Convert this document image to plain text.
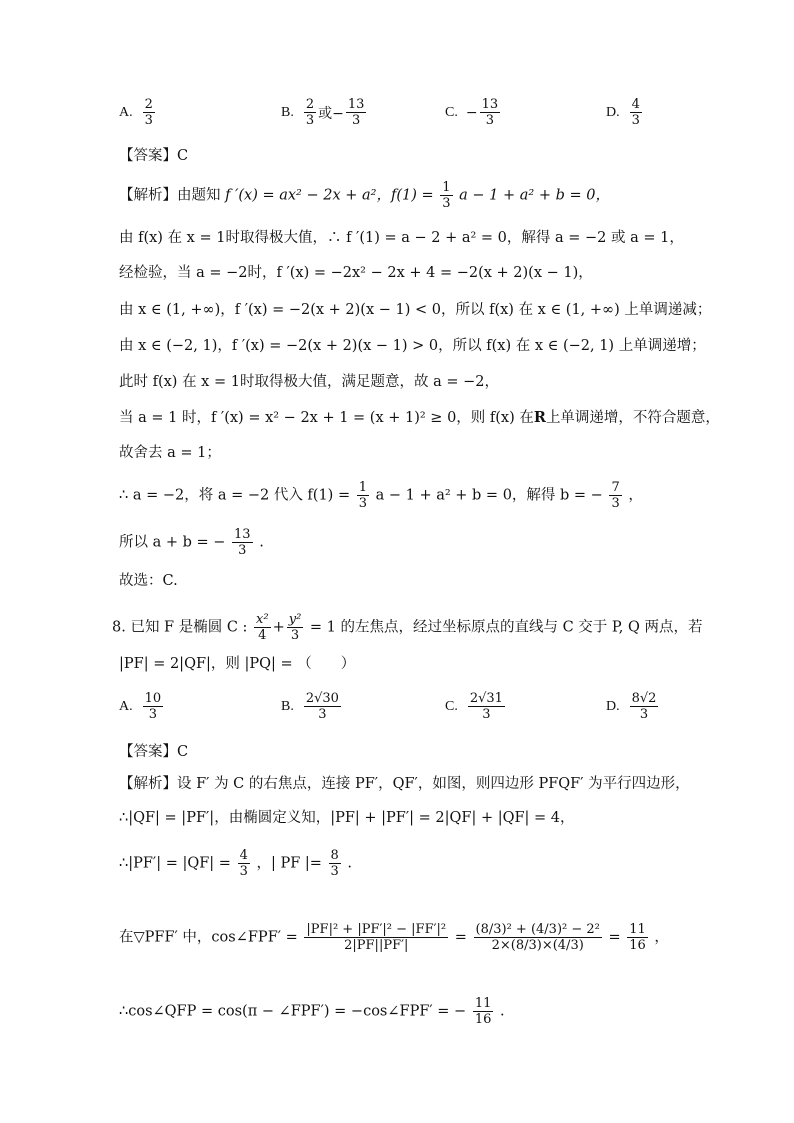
A. $\frac{2}{3}$	B. $\frac{2}{3}$ 或− $\frac{13}{3}$	C. − $\frac{13}{3}$	D. $\frac{4}{3}$
【答案】C
【解析】由题知 f ′(x) = ax² − 2x + a²，$f(1) = \frac{1}{3}$ a − 1 + a² + b = 0，
由 f(x) 在 x = 1时取得极大值，∴ f ′(1) = a − 2 + a² = 0，解得 a = −2 或 a = 1，
经检验，当 a = −2时，f ′(x) = −2x² − 2x + 4 = −2(x + 2)(x − 1)，
由 x ∈ (1, +∞)，f ′(x) = −2(x + 2)(x − 1) < 0，所以 f(x) 在 x ∈ (1, +∞) 上单调递减；
由 x ∈ (−2, 1)，f ′(x) = −2(x + 2)(x − 1) > 0，所以 f(x) 在 x ∈ (−2, 1) 上单调递增；
此时 f(x) 在 x = 1时取得极大值，满足题意，故 a = −2，
当 a = 1 时，f ′(x) = x² − 2x + 1 = (x + 1)² ≥ 0，则 f(x) 在R上单调递增，不符合题意，
故舍去 a = 1；
∴ a = −2，将 a = −2 代入 $f(1) = \frac{1}{3}$ a − 1 + a² + b = 0，解得 b = − $\frac{7}{3}$ ，
所以 a + b = − $\frac{13}{3}$ .
故选：C.
8. 已知 F 是椭圆 C : $\frac{\text{x²}}{4} + \frac{\text{y²}}{3} = 1$ 的左焦点，经过坐标原点的直线与 C 交于 P, Q 两点，若
|PF| = 2|QF|，则 |PQ| = （　　）
A. $\frac{10}{3}$	B. $\frac{2√30}{3}$	C. $\frac{2√31}{3}$	D. $\frac{8√2}{3}$
【答案】C
【解析】设 F′ 为 C 的右焦点，连接 PF′，QF′，如图，则四边形 PFQF′ 为平行四边形，
∴|QF| = |PF′|，由椭圆定义知，|PF| + |PF′| = 2|QF| + |QF| = 4，
∴|PF′| = $|QF| = \frac{4}{3}$ ，| PF |= $\frac{8}{3}$ .
在▽PFF′ 中，cos∠FPF′ = $\frac{\text{|PF|² + |PF′|² − |FF′|²}}{2|PF||PF'|} = \frac{\text{(8/3)² + (4/3)² − 2²}}{2\times(8/3)\times(4/3)} = \frac{11}{16}$ ，
∴cos∠QFP = cos(π − ∠FPF′) = −cos∠FPF′ = − $\frac{11}{16}$ .
